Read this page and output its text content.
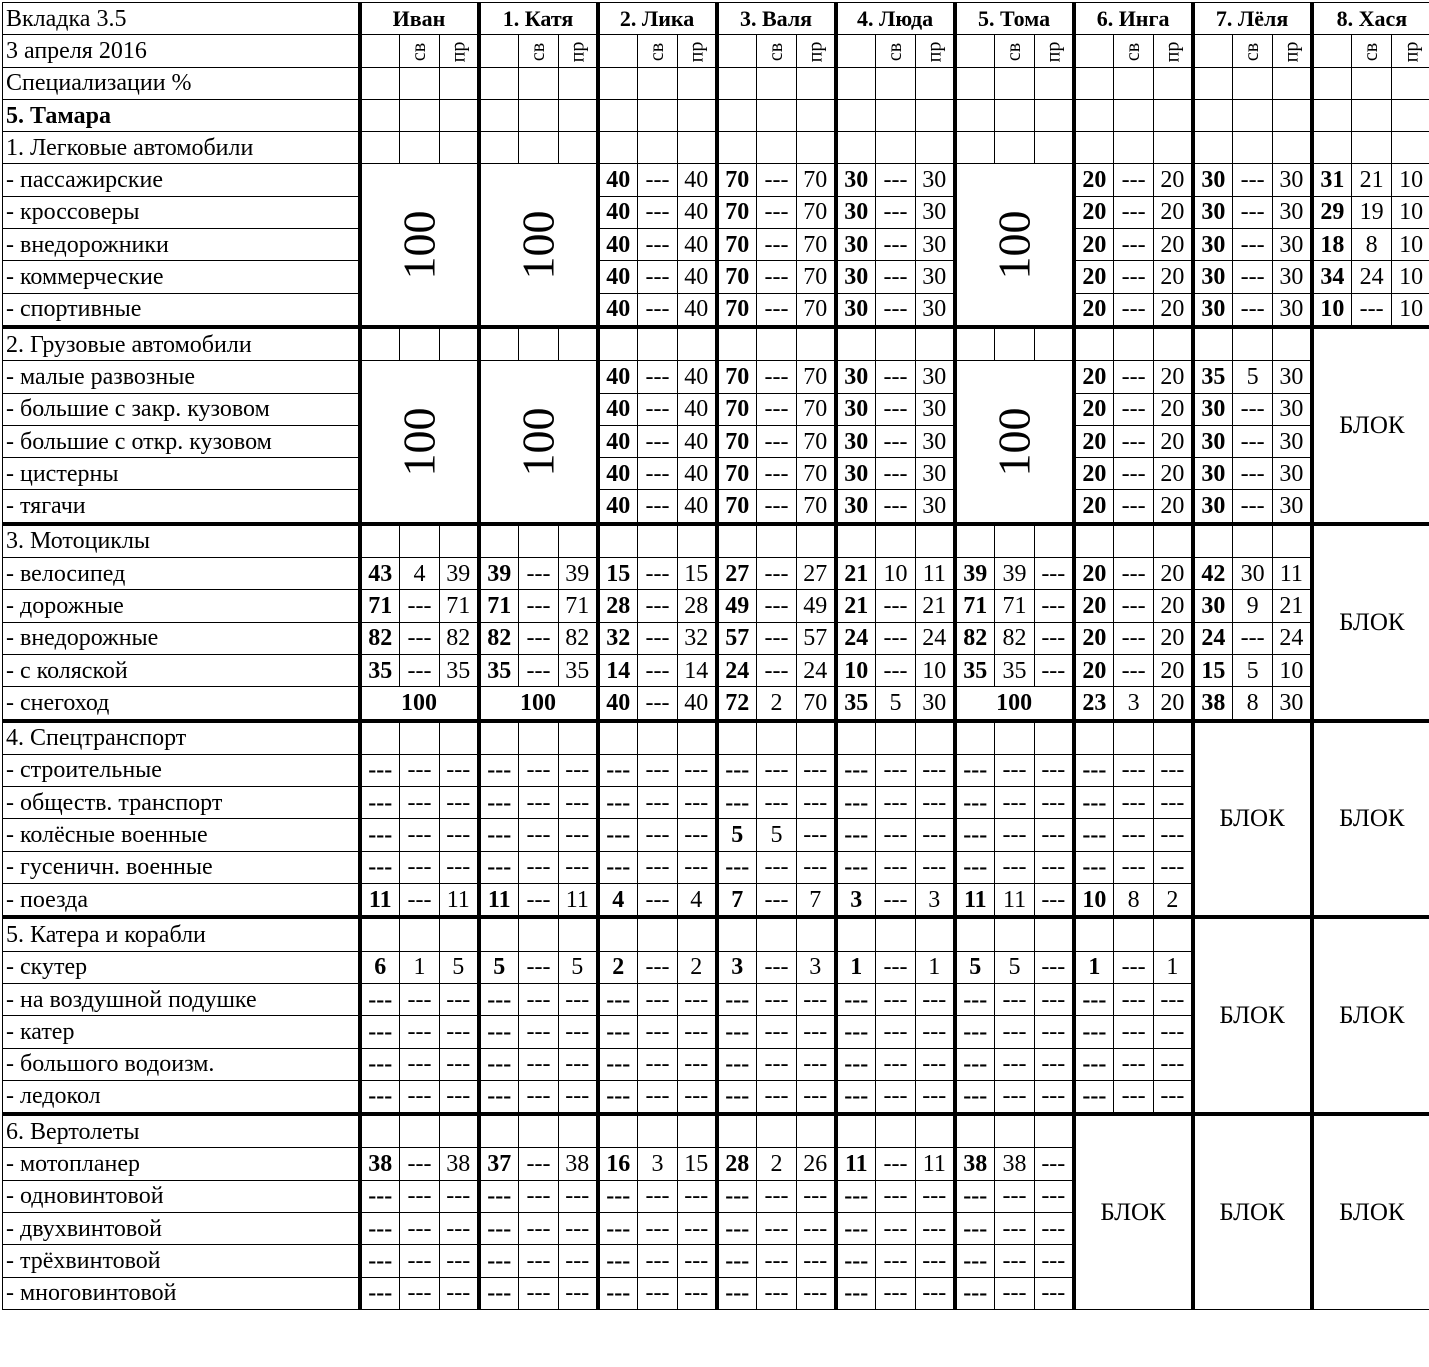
Вкладка 3.5	Иван			1. Катя			2. Лика			3. Валя			4. Люда			5. Тома			6. Инга			7. Лёля			8. Хася		
3 апреля 2016		св	пр		св	пр		св	пр		св	пр		св	пр		св	пр		св	пр		св	пр		св	пр
Специализации %																											
5. Тамара																											
1. Легковые автомобили																											
- пассажирские	100			100			40	---	40	70	---	70	30	---	30	100			20	---	20	30	---	30	31	21	10
- кроссоверы							40	---	40	70	---	70	30	---	30				20	---	20	30	---	30	29	19	10
- внедорожники							40	---	40	70	---	70	30	---	30				20	---	20	30	---	30	18	8	10
- коммерческие							40	---	40	70	---	70	30	---	30				20	---	20	30	---	30	34	24	10
- спортивные							40	---	40	70	---	70	30	---	30				20	---	20	30	---	30	10	---	10
2. Грузовые автомобили																									БЛОК		
- малые развозные	100			100			40	---	40	70	---	70	30	---	30	100			20	---	20	35	5	30			
- большие с закр. кузовом							40	---	40	70	---	70	30	---	30				20	---	20	30	---	30			
- большие с откр. кузовом							40	---	40	70	---	70	30	---	30				20	---	20	30	---	30			
- цистерны							40	---	40	70	---	70	30	---	30				20	---	20	30	---	30			
- тягачи							40	---	40	70	---	70	30	---	30				20	---	20	30	---	30			
3. Мотоциклы																									БЛОК		
- велосипед	43	4	39	39	---	39	15	---	15	27	---	27	21	10	11	39	39	---	20	---	20	42	30	11			
- дорожные	71	---	71	71	---	71	28	---	28	49	---	49	21	---	21	71	71	---	20	---	20	30	9	21			
- внедорожные	82	---	82	82	---	82	32	---	32	57	---	57	24	---	24	82	82	---	20	---	20	24	---	24			
- с коляской	35	---	35	35	---	35	14	---	14	24	---	24	10	---	10	35	35	---	20	---	20	15	5	10			
- снегоход	100			100			40	---	40	72	2	70	35	5	30	100			23	3	20	38	8	30			
4. Спецтранспорт																						БЛОК			БЛОК		
- строительные	---	---	---	---	---	---	---	---	---	---	---	---	---	---	---	---	---	---	---	---	---						
- обществ. транспорт	---	---	---	---	---	---	---	---	---	---	---	---	---	---	---	---	---	---	---	---	---						
- колёсные военные	---	---	---	---	---	---	---	---	---	5	5	---	---	---	---	---	---	---	---	---	---						
- гусеничн. военные	---	---	---	---	---	---	---	---	---	---	---	---	---	---	---	---	---	---	---	---	---						
- поезда	11	---	11	11	---	11	4	---	4	7	---	7	3	---	3	11	11	---	10	8	2						
5. Катера и корабли																						БЛОК			БЛОК		
- скутер	6	1	5	5	---	5	2	---	2	3	---	3	1	---	1	5	5	---	1	---	1						
- на воздушной подушке	---	---	---	---	---	---	---	---	---	---	---	---	---	---	---	---	---	---	---	---	---						
- катер	---	---	---	---	---	---	---	---	---	---	---	---	---	---	---	---	---	---	---	---	---						
- большого водоизм.	---	---	---	---	---	---	---	---	---	---	---	---	---	---	---	---	---	---	---	---	---						
- ледокол	---	---	---	---	---	---	---	---	---	---	---	---	---	---	---	---	---	---	---	---	---						
6. Вертолеты																			БЛОК			БЛОК			БЛОК		
- мотопланер	38	---	38	37	---	38	16	3	15	28	2	26	11	---	11	38	38	---									
- одновинтовой	---	---	---	---	---	---	---	---	---	---	---	---	---	---	---	---	---	---									
- двухвинтовой	---	---	---	---	---	---	---	---	---	---	---	---	---	---	---	---	---	---									
- трёхвинтовой	---	---	---	---	---	---	---	---	---	---	---	---	---	---	---	---	---	---									
- многовинтовой	---	---	---	---	---	---	---	---	---	---	---	---	---	---	---	---	---	---									
